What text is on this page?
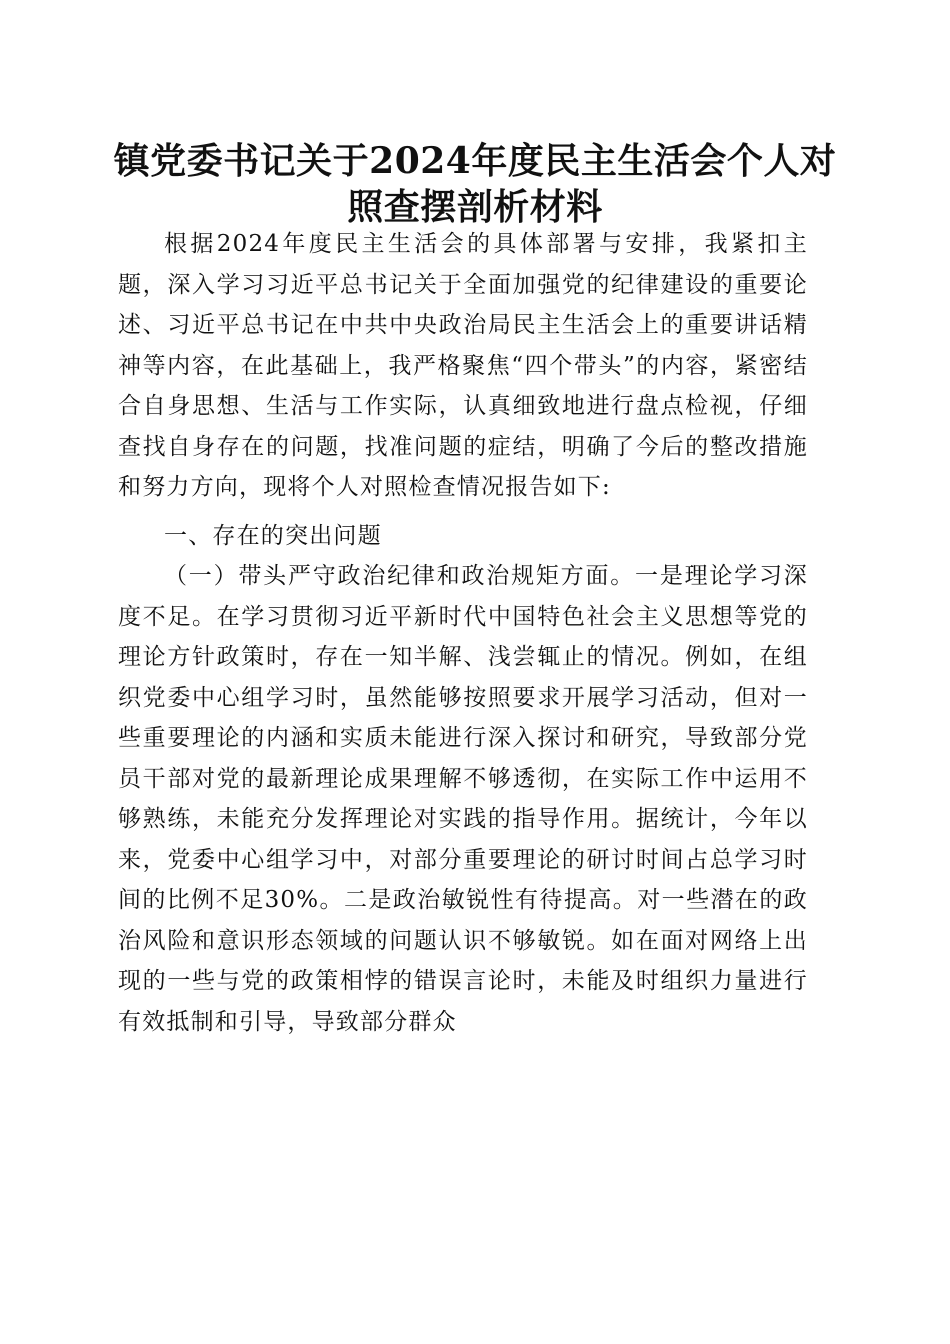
镇党委书记关于2024年度民主生活会个人对照查摆剖析材料

根据2024年度民主生活会的具体部署与安排，我紧扣主题，深入学习习近平总书记关于全面加强党的纪律建设的重要论述、习近平总书记在中共中央政治局民主生活会上的重要讲话精神等内容，在此基础上，我严格聚焦“四个带头”的内容，紧密结合自身思想、生活与工作实际，认真细致地进行盘点检视，仔细查找自身存在的问题，找准问题的症结，明确了今后的整改措施和努力方向，现将个人对照检查情况报告如下:

一、存在的突出问题

（一）带头严守政治纪律和政治规矩方面。一是理论学习深度不足。在学习贯彻习近平新时代中国特色社会主义思想等党的理论方针政策时，存在一知半解、浅尝辄止的情况。例如，在组织党委中心组学习时，虽然能够按照要求开展学习活动，但对一些重要理论的内涵和实质未能进行深入探讨和研究，导致部分党员干部对党的最新理论成果理解不够透彻，在实际工作中运用不够熟练，未能充分发挥理论对实践的指导作用。据统计，今年以来，党委中心组学习中，对部分重要理论的研讨时间占总学习时间的比例不足30%。二是政治敏锐性有待提高。对一些潜在的政治风险和意识形态领域的问题认识不够敏锐。如在面对网络上出现的一些与党的政策相悖的错误言论时，未能及时组织力量进行有效抵制和引导，导致部分群众
